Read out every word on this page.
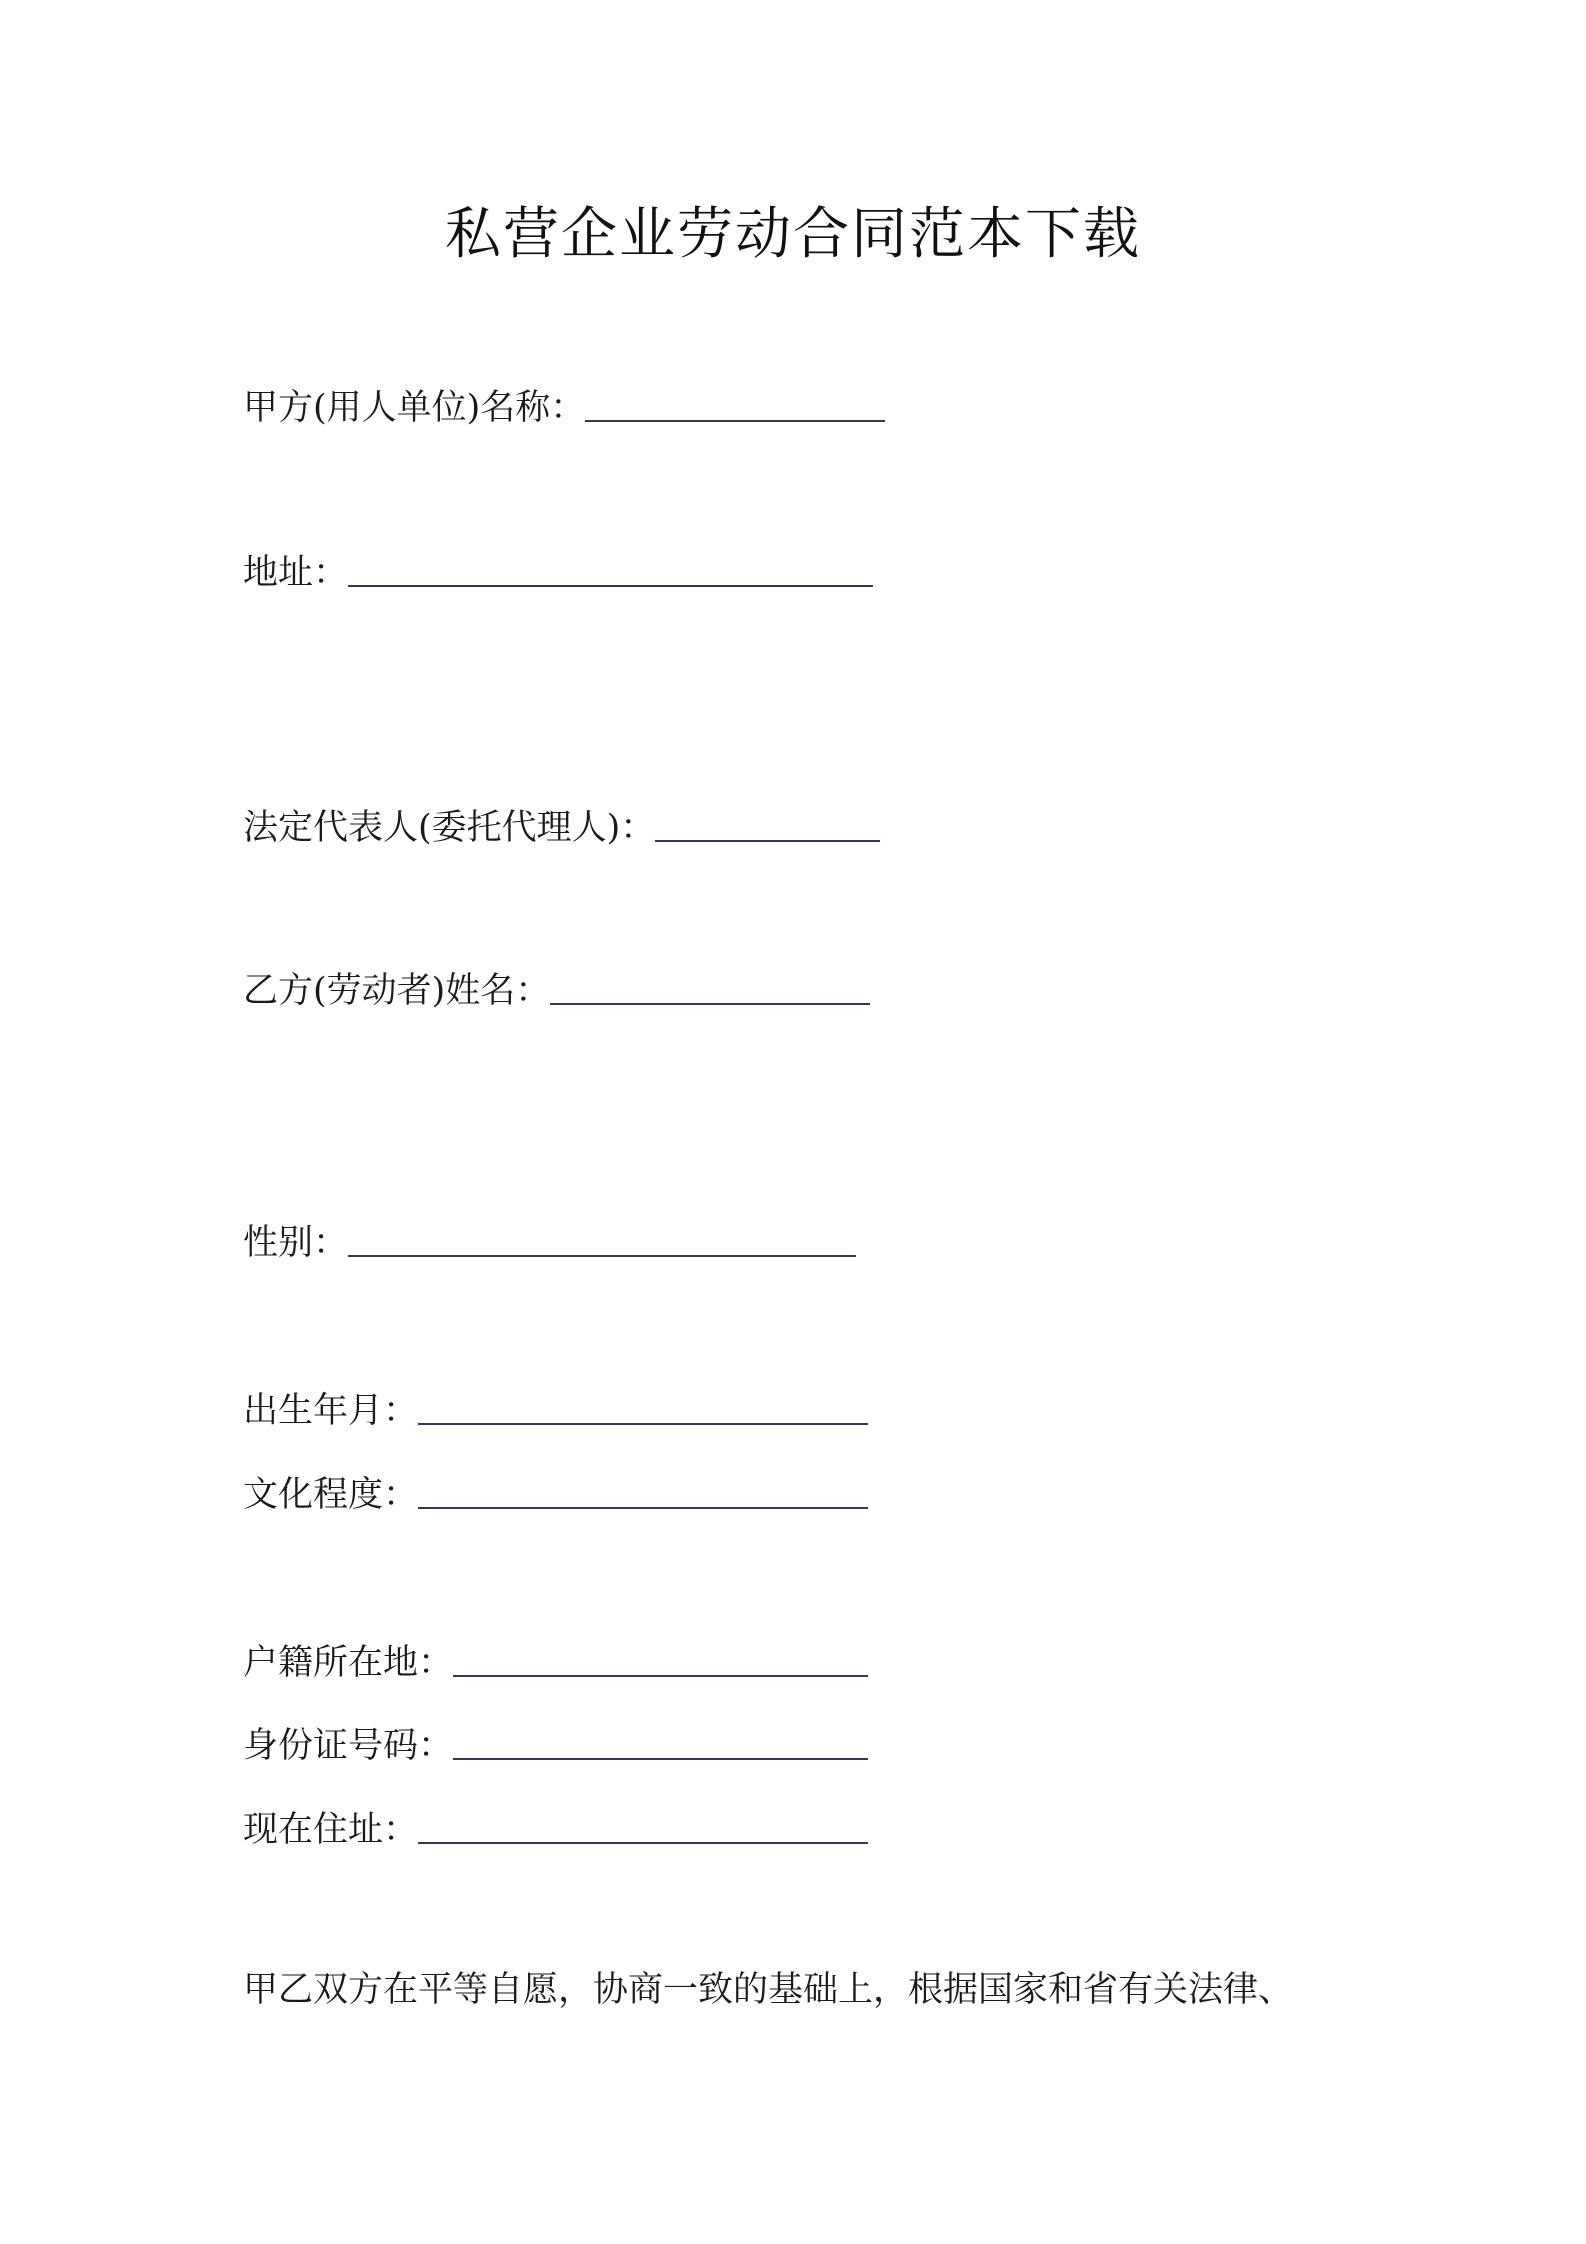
私营企业劳动合同范本下载
甲方(用人单位)名称：
地址：
法定代表人(委托代理人)：
乙方(劳动者)姓名：
性别：
出生年月：
文化程度：
户籍所在地：
身份证号码：
现在住址：
甲乙双方在平等自愿，协商一致的基础上，根据国家和省有关法律、
